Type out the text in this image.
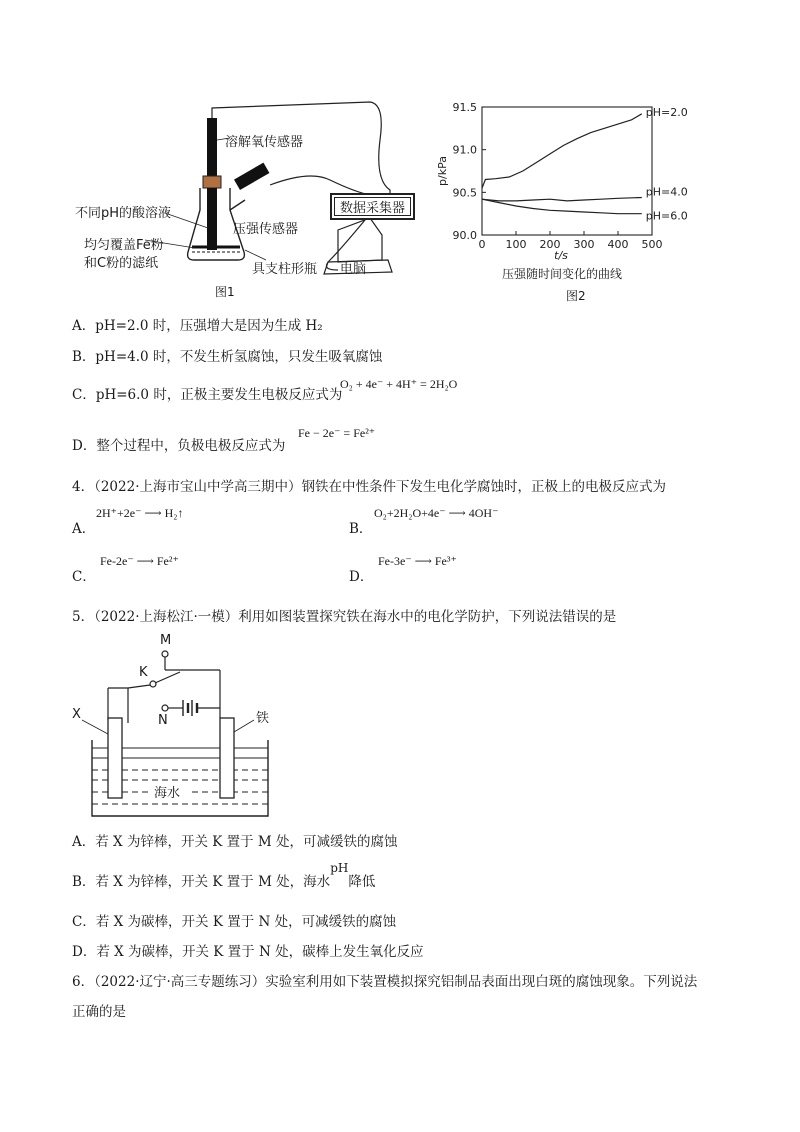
溶解氧传感器
不同pH的酸溶液
均匀覆盖Fe粉
和C粉的滤纸
压强传感器
数据采集器
具支柱形瓶 电脑
图1
0 100 200 300 400 500
90.0
90.5
91.0
91.5
t/s
p/kPa
pH=2.0
pH=4.0
pH=6.0
压强随时间变化的曲线
图2
A．pH=2.0 时，压强增大是因为生成 H₂
B．pH=4.0 时，不发生析氢腐蚀，只发生吸氧腐蚀
C．pH=6.0 时，正极主要发生电极反应式为
O₂ + 4e⁻ + 4H⁺ = 2H₂O
D．整个过程中，负极电极反应式为
Fe − 2e⁻ = Fe²⁺
4．（2022·上海市宝山中学高三期中）钢铁在中性条件下发生电化学腐蚀时，正极上的电极反应式为
A．
2H⁺+2e⁻ ⟶ H₂↑
B．
O₂+2H₂O+4e⁻ ⟶ 4OH⁻
C．
Fe-2e⁻ ⟶ Fe²⁺
D．
Fe-3e⁻ ⟶ Fe³⁺
5．（2022·上海松江·一模）利用如图装置探究铁在海水中的电化学防护，下列说法错误的是
M
K
N
X	铁
海水
A．若 X 为锌棒，开关 K 置于 M 处，可减缓铁的腐蚀
B．若 X 为锌棒，开关 K 置于 M 处，海水pH降低
C．若 X 为碳棒，开关 K 置于 N 处，可减缓铁的腐蚀
D．若 X 为碳棒，开关 K 置于 N 处，碳棒上发生氧化反应
6．（2022·辽宁·高三专题练习）实验室利用如下装置模拟探究铝制品表面出现白斑的腐蚀现象。下列说法
正确的是
